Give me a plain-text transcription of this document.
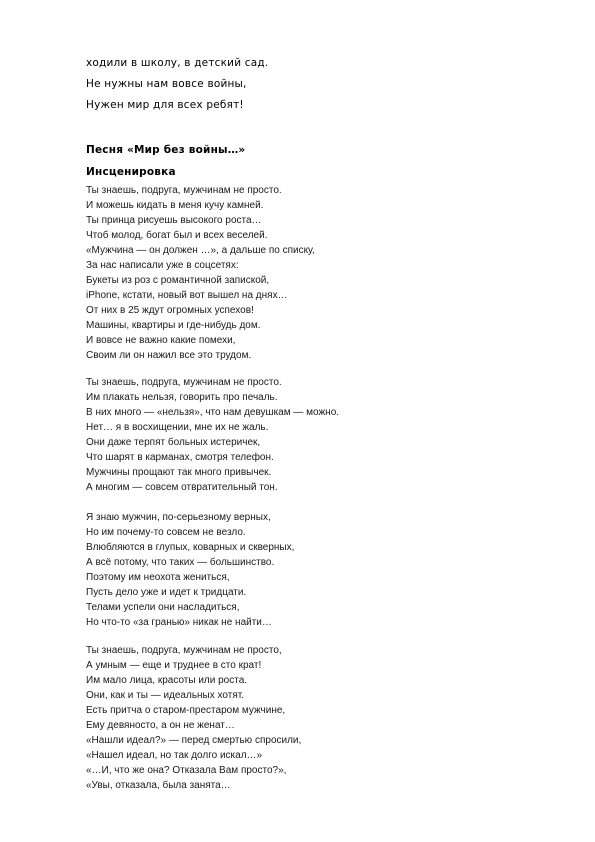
ходили в школу, в детский сад.
Не нужны нам вовсе войны,
Нужен мир для всех ребят!
Песня «Мир без войны…»
Инсценировка
Ты знаешь, подруга, мужчинам не просто.
И можешь кидать в меня кучу камней.
Ты принца рисуешь высокого роста…
Чтоб молод, богат был и всех веселей.
«Мужчина — он должен …», а дальше по списку,
За нас написали уже в соцсетях:
Букеты из роз с романтичной запиской,
iPhone, кстати, новый вот вышел на днях…
От них в 25 ждут огромных успехов!
Машины, квартиры и где-нибудь дом.
И вовсе не важно какие помехи,
Своим ли он нажил все это трудом.
Ты знаешь, подруга, мужчинам не просто.
Им плакать нельзя, говорить про печаль.
В них много — «нельзя», что нам девушкам — можно.
Нет… я в восхищении, мне их не жаль.
Они даже терпят больных истеричек,
Что шарят в карманах, смотря телефон.
Мужчины прощают так много привычек.
А многим — совсем отвратительный тон.
Я знаю мужчин, по-серьезному верных,
Но им почему-то совсем не везло.
Влюбляются в глупых, коварных и скверных,
А всё потому, что таких — большинство.
Поэтому им неохота жениться,
Пусть дело уже и идет к тридцати.
Телами успели они насладиться,
Но что-то «за гранью» никак не найти…
Ты знаешь, подруга, мужчинам не просто,
А умным — еще и труднее в сто крат!
Им мало лица, красоты или роста.
Они, как и ты — идеальных хотят.
Есть притча о старом-престаром мужчине,
Ему девяносто, а он не женат…
«Нашли идеал?» — перед смертью спросили,
«Нашел идеал, но так долго искал…»
«…И, что же она? Отказала Вам просто?»,
«Увы, отказала, была занята…
